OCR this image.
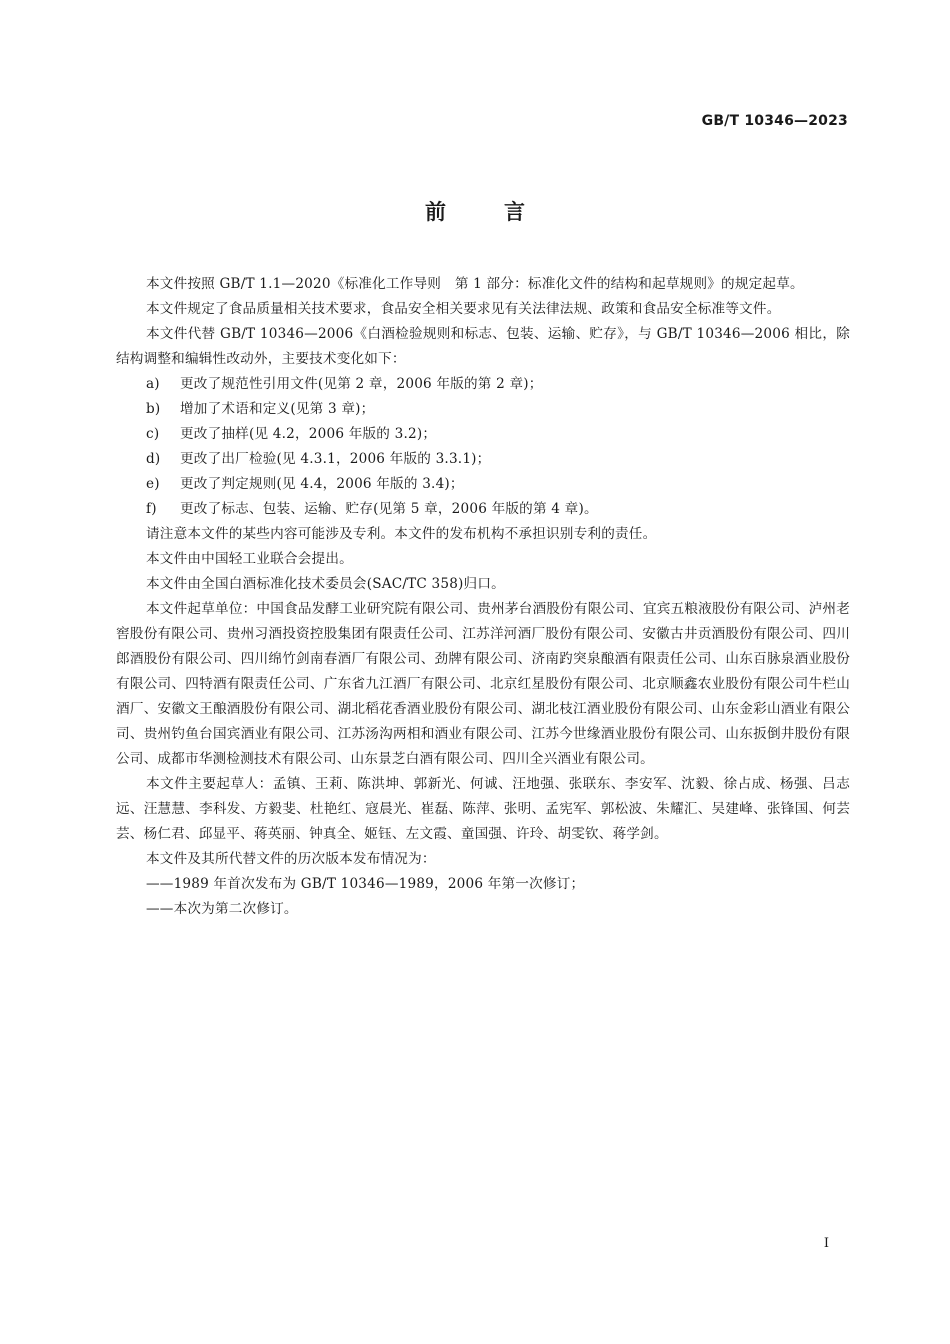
GB/T 10346—2023
前	言

本文件按照 GB/T 1.1—2020《标准化工作导则　第 1 部分：标准化文件的结构和起草规则》的规定起草。

本文件规定了食品质量相关技术要求，食品安全相关要求见有关法律法规、政策和食品安全标准等文件。

本文件代替 GB/T 10346—2006《白酒检验规则和标志、包装、运输、贮存》，与 GB/T 10346—2006 相比，除结构调整和编辑性改动外，主要技术变化如下：

a) 更改了规范性引用文件(见第 2 章，2006 年版的第 2 章)；

b) 增加了术语和定义(见第 3 章)；

c) 更改了抽样(见 4.2，2006 年版的 3.2)；

d) 更改了出厂检验(见 4.3.1，2006 年版的 3.3.1)；

e) 更改了判定规则(见 4.4，2006 年版的 3.4)；

f) 更改了标志、包装、运输、贮存(见第 5 章，2006 年版的第 4 章)。

请注意本文件的某些内容可能涉及专利。本文件的发布机构不承担识别专利的责任。

本文件由中国轻工业联合会提出。

本文件由全国白酒标准化技术委员会(SAC/TC 358)归口。

本文件起草单位：中国食品发酵工业研究院有限公司、贵州茅台酒股份有限公司、宜宾五粮液股份有限公司、泸州老窖股份有限公司、贵州习酒投资控股集团有限责任公司、江苏洋河酒厂股份有限公司、安徽古井贡酒股份有限公司、四川郎酒股份有限公司、四川绵竹剑南春酒厂有限公司、劲牌有限公司、济南趵突泉酿酒有限责任公司、山东百脉泉酒业股份有限公司、四特酒有限责任公司、广东省九江酒厂有限公司、北京红星股份有限公司、北京顺鑫农业股份有限公司牛栏山酒厂、安徽文王酿酒股份有限公司、湖北稻花香酒业股份有限公司、湖北枝江酒业股份有限公司、山东金彩山酒业有限公司、贵州钓鱼台国宾酒业有限公司、江苏汤沟两相和酒业有限公司、江苏今世缘酒业股份有限公司、山东扳倒井股份有限公司、成都市华测检测技术有限公司、山东景芝白酒有限公司、四川全兴酒业有限公司。

本文件主要起草人：孟镇、王莉、陈洪坤、郭新光、何诚、汪地强、张联东、李安军、沈毅、徐占成、杨强、吕志远、汪慧慧、李科发、方毅斐、杜艳红、寇晨光、崔磊、陈萍、张明、孟宪军、郭松波、朱耀汇、吴建峰、张锋国、何芸芸、杨仁君、邱显平、蒋英丽、钟真全、姬钰、左文霞、童国强、许玲、胡雯钦、蒋学剑。

本文件及其所代替文件的历次版本发布情况为：

——1989 年首次发布为 GB/T 10346—1989，2006 年第一次修订；

——本次为第二次修订。

I
